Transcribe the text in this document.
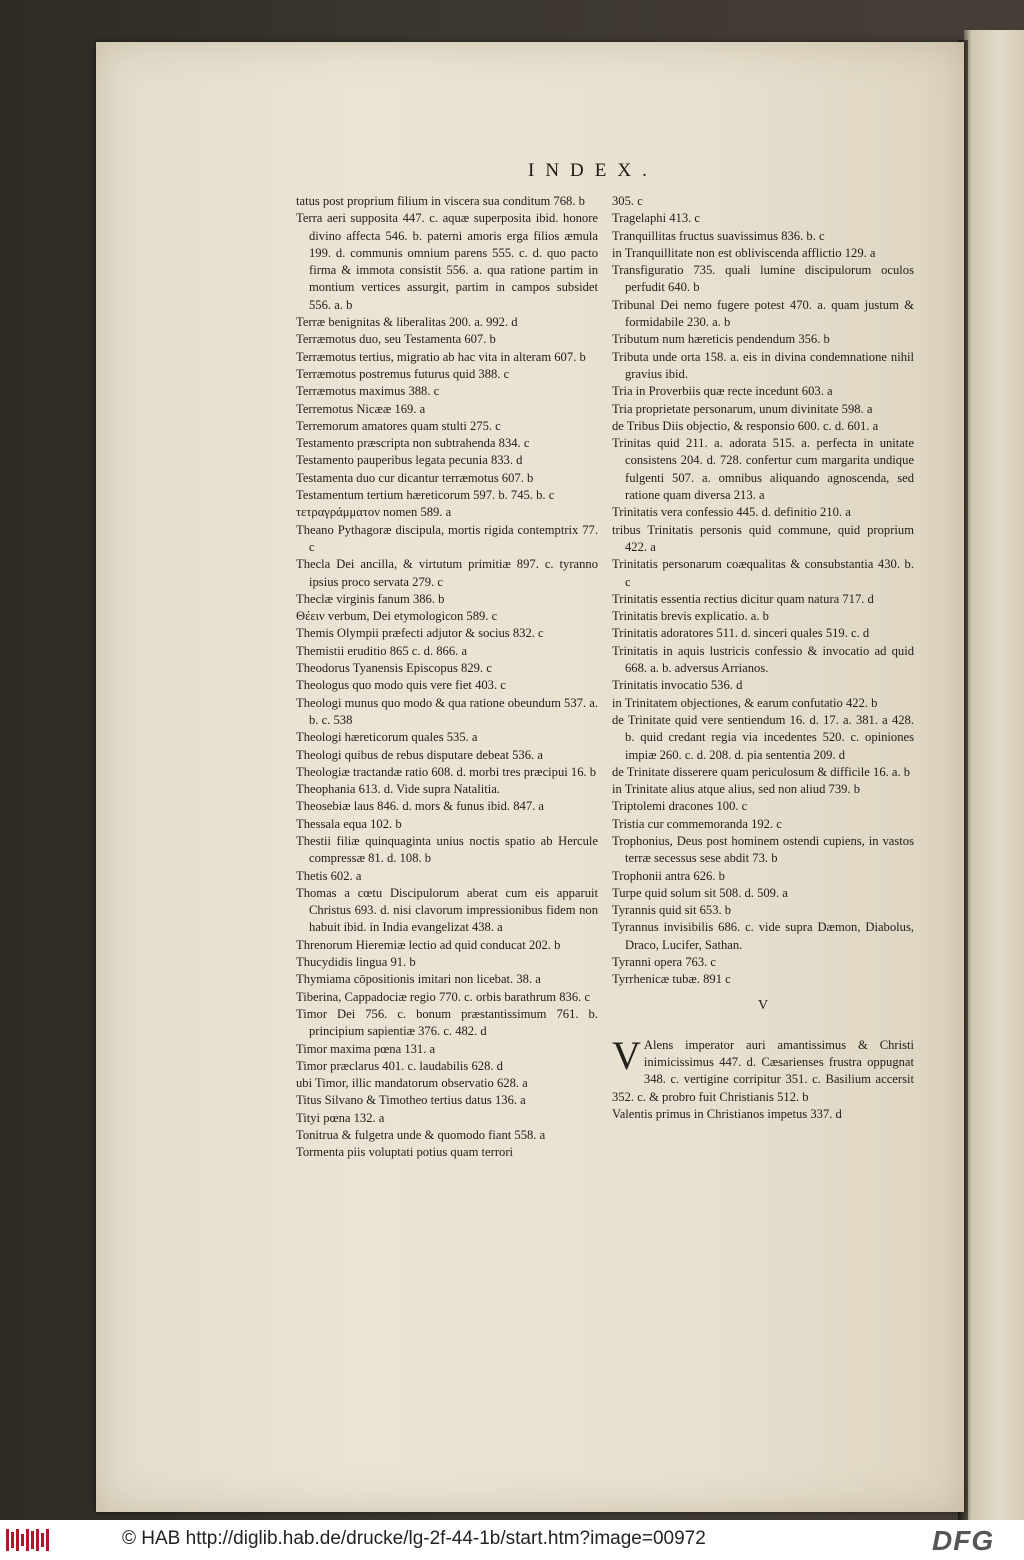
INDEX.
tatus post proprium filium in viscera sua conditum 768. b
Terra aeri supposita 447. c. aquæ superposita ibid. honore divino affecta 546. b. paterni amoris erga filios æmula 199. d. communis omnium parens 555. c. d. quo pacto firma & immota consistit 556. a. qua ratione partim in montium vertices assurgit, partim in campos subsidet 556. a. b
Terræ benignitas & liberalitas 200. a. 992. d
Terræmotus duo, seu Testamenta 607. b
Terræmotus tertius, migratio ab hac vita in alteram 607. b
Terræmotus postremus futurus quid 388. c
Terræmotus maximus 388. c
Terremotus Nicææ 169. a
Terremorum amatores quam stulti 275. c
Testamento præscripta non subtrahenda 834. c
Testamento pauperibus legata pecunia 833. d
Testamenta duo cur dicantur terræmotus 607. b
Testamentum tertium hæreticorum 597. b. 745. b. c
τετραγράμματον nomen 589. a
Theano Pythagoræ discipula, mortis rigida contemptrix 77. c
Thecla Dei ancilla, & virtutum primitiæ 897. c. tyranno ipsius proco servata 279. c
Theclæ virginis fanum 386. b
Θέειν verbum, Dei etymologicon 589. c
Themis Olympii præfecti adjutor & socius 832. c
Themistii eruditio 865 c. d. 866. a
Theodorus Tyanensis Episcopus 829. c
Theologus quo modo quis vere fiet 403. c
Theologi munus quo modo & qua ratione obeundum 537. a. b. c. 538
Theologi hæreticorum quales 535. a
Theologi quibus de rebus disputare debeat 536. a
Theologiæ tractandæ ratio 608. d. morbi tres præcipui 16. b
Theophania 613. d. Vide supra Natalitia.
Theosebiæ laus 846. d. mors & funus ibid. 847. a
Thessala equa 102. b
Thestii filiæ quinquaginta unius noctis spatio ab Hercule compressæ 81. d. 108. b
Thetis 602. a
Thomas a cœtu Discipulorum aberat cum eis apparuit Christus 693. d. nisi clavorum impressionibus fidem non habuit ibid. in India evangelizat 438. a
Threnorum Hieremiæ lectio ad quid conducat 202. b
Thucydidis lingua 91. b
Thymiama cōpositionis imitari non licebat. 38. a
Tiberina, Cappadociæ regio 770. c. orbis barathrum 836. c
Timor Dei 756. c. bonum præstantissimum 761. b. principium sapientiæ 376. c. 482. d
Timor maxima pœna 131. a
Timor præclarus 401. c. laudabilis 628. d
ubi Timor, illic mandatorum observatio 628. a
Titus Silvano & Timotheo tertius datus 136. a
Tityi pœna 132. a
Tonitrua & fulgetra unde & quomodo fiant 558. a
Tormenta piis voluptati potius quam terrori
305. c
Tragelaphi 413. c
Tranquillitas fructus suavissimus 836. b. c
in Tranquillitate non est obliviscenda afflictio 129. a
Transfiguratio 735. quali lumine discipulorum oculos perfudit 640. b
Tribunal Dei nemo fugere potest 470. a. quam justum & formidabile 230. a. b
Tributum num hæreticis pendendum 356. b
Tributa unde orta 158. a. eis in divina condemnatione nihil gravius ibid.
Tria in Proverbiis quæ recte incedunt 603. a
Tria proprietate personarum, unum divinitate 598. a
de Tribus Diis objectio, & responsio 600. c. d. 601. a
Trinitas quid 211. a. adorata 515. a. perfecta in unitate consistens 204. d. 728. confertur cum margarita undique fulgenti 507. a. omnibus aliquando agnoscenda, sed ratione quam diversa 213. a
Trinitatis vera confessio 445. d. definitio 210. a
tribus Trinitatis personis quid commune, quid proprium 422. a
Trinitatis personarum coæqualitas & consubstantia 430. b. c
Trinitatis essentia rectius dicitur quam natura 717. d
Trinitatis brevis explicatio. a. b
Trinitatis adoratores 511. d. sinceri quales 519. c. d
Trinitatis in aquis lustricis confessio & invocatio ad quid 668. a. b. adversus Arrianos.
Trinitatis invocatio 536. d
in Trinitatem objectiones, & earum confutatio 422. b
de Trinitate quid vere sentiendum 16. d. 17. a. 381. a 428. b. quid credant regia via incedentes 520. c. opiniones impiæ 260. c. d. 208. d. pia sententia 209. d
de Trinitate disserere quam periculosum & difficile 16. a. b
in Trinitate alius atque alius, sed non aliud 739. b
Triptolemi dracones 100. c
Tristia cur commemoranda 192. c
Trophonius, Deus post hominem ostendi cupiens, in vastos terræ secessus sese abdit 73. b
Trophonii antra 626. b
Turpe quid solum sit 508. d. 509. a
Tyrannis quid sit 653. b
Tyrannus invisibilis 686. c. vide supra Dæmon, Diabolus, Draco, Lucifer, Sathan.
Tyranni opera 763. c
Tyrrhenicæ tubæ. 891 c
V
V Alens imperator auri amantissimus & Christi inimicissimus 447. d. Cæsarienses frustra oppugnat 348. c. vertigine corripitur 351. c. Basilium accersit 352. c. & probro fuit Christianis 512. b
Valentis primus in Christianos impetus 337. d
© HAB http://diglib.hab.de/drucke/lg-2f-44-1b/start.htm?image=00972	DFG
